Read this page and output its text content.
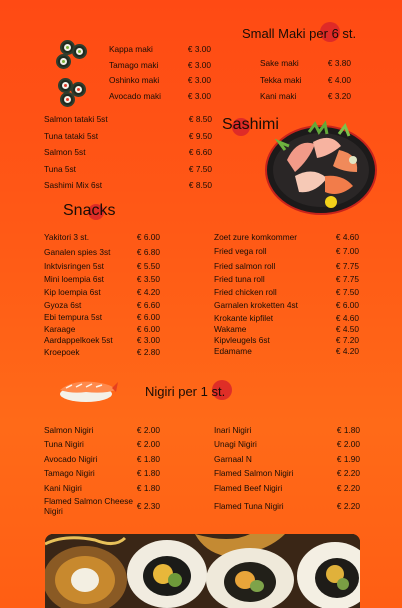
Small Maki per 6 st.
Kappa maki	€ 3.00
Tamago maki	€ 3.00
Oshinko maki	€ 3.00
Avocado maki	€ 3.00
Sake maki	€ 3.80
Tekka maki	€ 4.00
Kani maki	€ 3.20
Salmon tataki 5st	€ 8.50
Tuna tataki 5st	€ 9.50
Salmon 5st	€ 6.60
Tuna 5st	€ 7.50
Sashimi Mix 6st	€ 8.50
Sashimi
Snacks
Yakitori 3 st.	€ 6.00
Ganalen spies 3st	€ 6.80
Inktvisringen 5st	€ 5.50
Mini loempia 6st	€ 3.50
Kip loempia 6st	€ 4.20
Gyoza 6st	€ 6.60
Ebi tempura 5st	€ 6.00
Karaage	€ 6.00
Aardappelkoek 5st	€ 3.00
Kroepoek	€ 2.80
Zoet zure komkommer	€ 4.60
Fried vega roll	€ 7.00
Fried salmon roll	€ 7.75
Fried tuna roll	€ 7.75
Fried chicken roll	€ 7.50
Garnalen kroketten 4st	€ 6.00
Krokante kipfilet	€ 4.60
Wakame	€ 4.50
Kipvleugels 6st	€ 7.20
Edamame	€ 4.20
Nigiri per 1 st.
Salmon Nigiri	€ 2.00
Tuna Nigiri	€ 2.00
Avocado Nigiri	€ 1.80
Tamago Nigiri	€ 1.80
Kani Nigiri	€ 1.80
Flamed Salmon Cheese
Nigiri	€ 2.30
Inari Nigiri	€ 1.80
Unagi Nigiri	€ 2.00
Garnaal N	€ 1.90
Flamed Salmon Nigiri	€ 2.20
Flamed Beef Nigiri	€ 2.20
Flamed Tuna Nigiri	€ 2.20
